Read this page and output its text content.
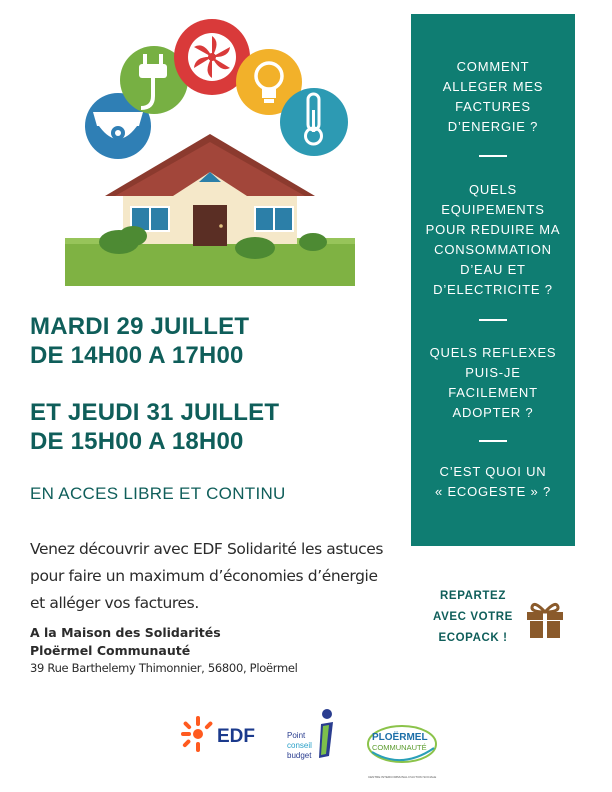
MARDI 29 JUILLET
DE 14H00 A 17H00
ET JEUDI 31 JUILLET
DE 15H00 A 18H00
EN ACCES LIBRE ET CONTINU
Venez découvrir avec EDF Solidarité les astuces
pour faire un maximum d’économies d’énergie
et alléger vos factures.
A la Maison des Solidarités
Ploërmel Communauté
39 Rue Barthelemy Thimonnier, 56800, Ploërmel
COMMENT
ALLEGER MES
FACTURES
D’ENERGIE ?
QUELS
EQUIPEMENTS
POUR REDUIRE MA
CONSOMMATION
D’EAU ET
D’ELECTRICITE ?
QUELS REFLEXES
PUIS-JE
FACILEMENT
ADOPTER ?
C’EST QUOI UN
« ECOGESTE » ?
REPARTEZ
AVEC VOTRE
ECOPACK !
EDF	Point
conseil
budget
PLOËRMEL
COMMUNAUTÉ
CENTRE INTERCOMMUNAL D'ACTION SOCIALE
